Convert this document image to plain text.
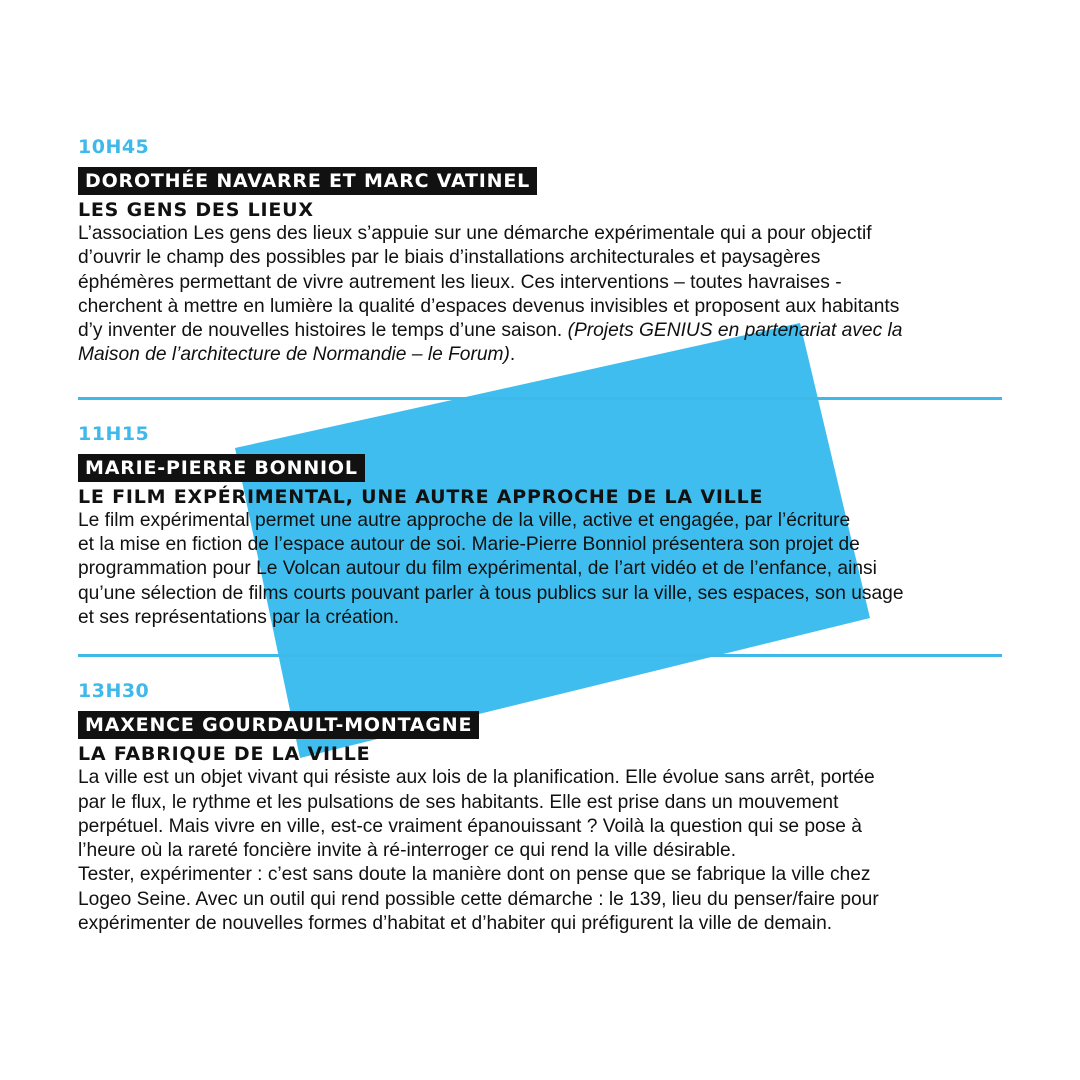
10H45
DOROTHÉE NAVARRE ET MARC VATINEL
LES GENS DES LIEUX

L’association Les gens des lieux s’appuie sur une démarche expérimentale qui a pour objectif
d’ouvrir le champ des possibles par le biais d’installations architecturales et paysagères
éphémères permettant de vivre autrement les lieux. Ces interventions – toutes havraises -
cherchent à mettre en lumière la qualité d’espaces devenus invisibles et proposent aux habitants
d’y inventer de nouvelles histoires le temps d’une saison. (Projets GENIUS en partenariat avec la
Maison de l’architecture de Normandie – le Forum).

11H15
MARIE-PIERRE BONNIOL
LE FILM EXPÉRIMENTAL, UNE AUTRE APPROCHE DE LA VILLE

Le film expérimental permet une autre approche de la ville, active et engagée, par l’écriture
et la mise en fiction de l’espace autour de soi. Marie-Pierre Bonniol présentera son projet de
programmation pour Le Volcan autour du film expérimental, de l’art vidéo et de l’enfance, ainsi
qu’une sélection de films courts pouvant parler à tous publics sur la ville, ses espaces, son usage
et ses représentations par la création.

13H30
MAXENCE GOURDAULT-MONTAGNE
LA FABRIQUE DE LA VILLE

La ville est un objet vivant qui résiste aux lois de la planification. Elle évolue sans arrêt, portée
par le flux, le rythme et les pulsations de ses habitants. Elle est prise dans un mouvement
perpétuel. Mais vivre en ville, est-ce vraiment épanouissant ? Voilà la question qui se pose à
l’heure où la rareté foncière invite à ré-interroger ce qui rend la ville désirable.
Tester, expérimenter : c’est sans doute la manière dont on pense que se fabrique la ville chez
Logeo Seine. Avec un outil qui rend possible cette démarche : le 139, lieu du penser/faire pour
expérimenter de nouvelles formes d’habitat et d’habiter qui préfigurent la ville de demain.
